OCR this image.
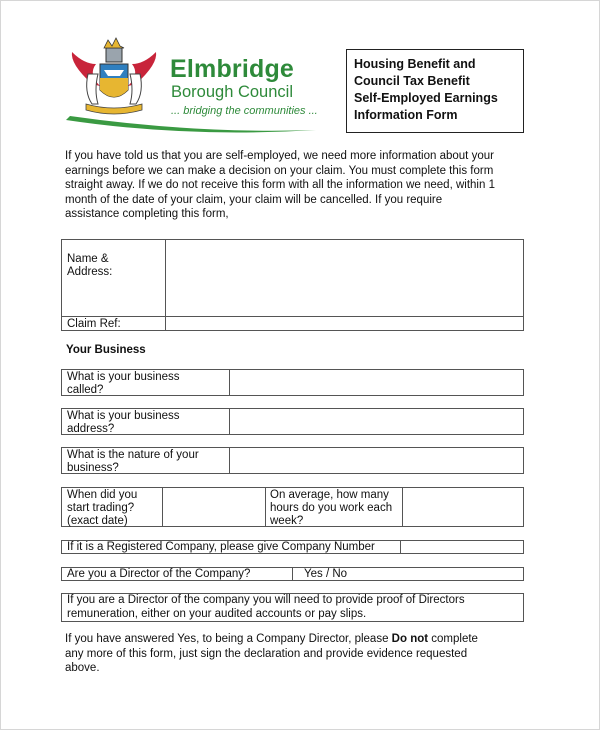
Elmbridge
Borough Council
... bridging the communities ...
Housing Benefit and
Council Tax Benefit
Self-Employed Earnings
Information Form
If you have told us that you are self-employed, we need more information about your
earnings before we can make a decision on your claim. You must complete this form
straight away. If we do not receive this form with all the information we need, within 1
month of the date of your claim, your claim will be cancelled. If you require
assistance completing this form,
Name &
Address:
Claim Ref:
Your Business
What is your business
called?
What is your business
address?
What is the nature of your
business?
When did you
start trading?
(exact date)
On average, how many
hours do you work each
week?
If it is a Registered Company, please give Company Number
Are you a Director of the Company?	Yes / No
If you are a Director of the company you will need to provide proof of Directors
remuneration, either on your audited accounts or pay slips.
If you have answered Yes, to being a Company Director, please Do not complete
any more of this form, just sign the declaration and provide evidence requested
above.
